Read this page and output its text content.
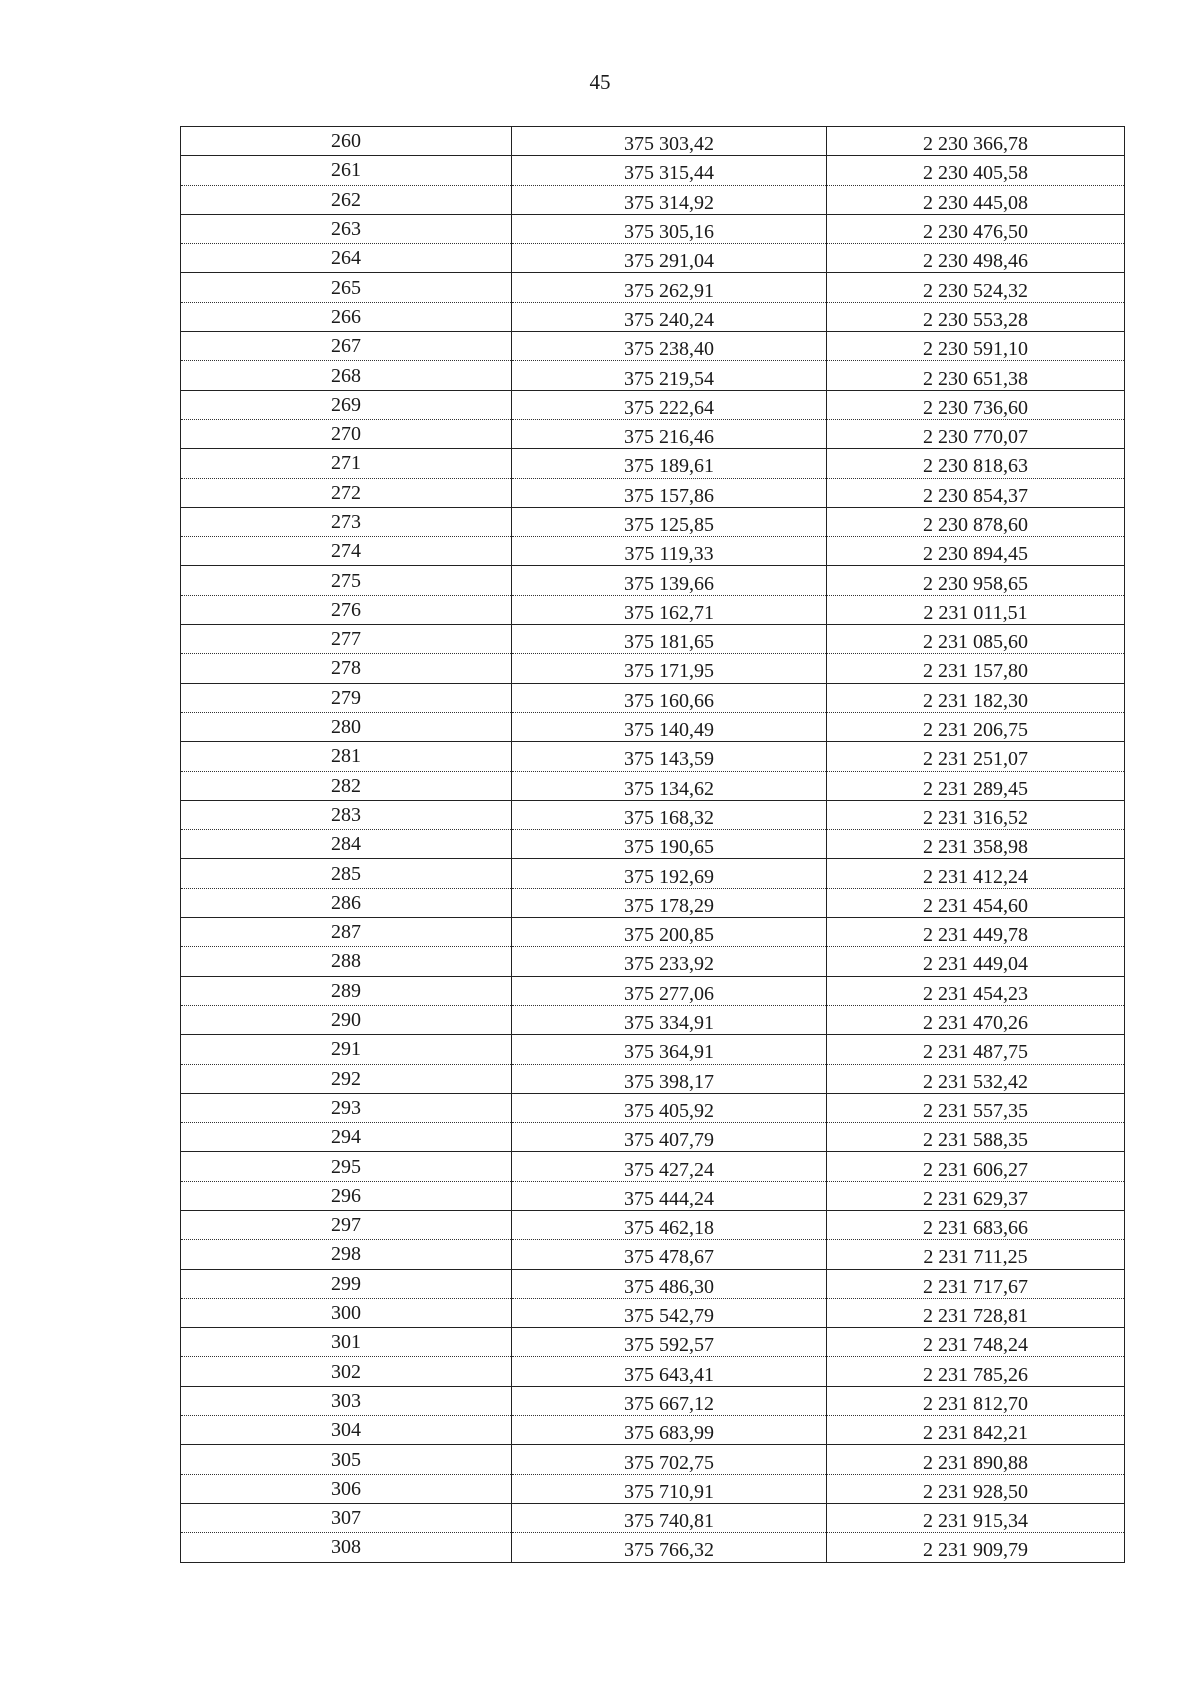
45
260	375 303,42	2 230 366,78
261	375 315,44	2 230 405,58
262	375 314,92	2 230 445,08
263	375 305,16	2 230 476,50
264	375 291,04	2 230 498,46
265	375 262,91	2 230 524,32
266	375 240,24	2 230 553,28
267	375 238,40	2 230 591,10
268	375 219,54	2 230 651,38
269	375 222,64	2 230 736,60
270	375 216,46	2 230 770,07
271	375 189,61	2 230 818,63
272	375 157,86	2 230 854,37
273	375 125,85	2 230 878,60
274	375 119,33	2 230 894,45
275	375 139,66	2 230 958,65
276	375 162,71	2 231 011,51
277	375 181,65	2 231 085,60
278	375 171,95	2 231 157,80
279	375 160,66	2 231 182,30
280	375 140,49	2 231 206,75
281	375 143,59	2 231 251,07
282	375 134,62	2 231 289,45
283	375 168,32	2 231 316,52
284	375 190,65	2 231 358,98
285	375 192,69	2 231 412,24
286	375 178,29	2 231 454,60
287	375 200,85	2 231 449,78
288	375 233,92	2 231 449,04
289	375 277,06	2 231 454,23
290	375 334,91	2 231 470,26
291	375 364,91	2 231 487,75
292	375 398,17	2 231 532,42
293	375 405,92	2 231 557,35
294	375 407,79	2 231 588,35
295	375 427,24	2 231 606,27
296	375 444,24	2 231 629,37
297	375 462,18	2 231 683,66
298	375 478,67	2 231 711,25
299	375 486,30	2 231 717,67
300	375 542,79	2 231 728,81
301	375 592,57	2 231 748,24
302	375 643,41	2 231 785,26
303	375 667,12	2 231 812,70
304	375 683,99	2 231 842,21
305	375 702,75	2 231 890,88
306	375 710,91	2 231 928,50
307	375 740,81	2 231 915,34
308	375 766,32	2 231 909,79
